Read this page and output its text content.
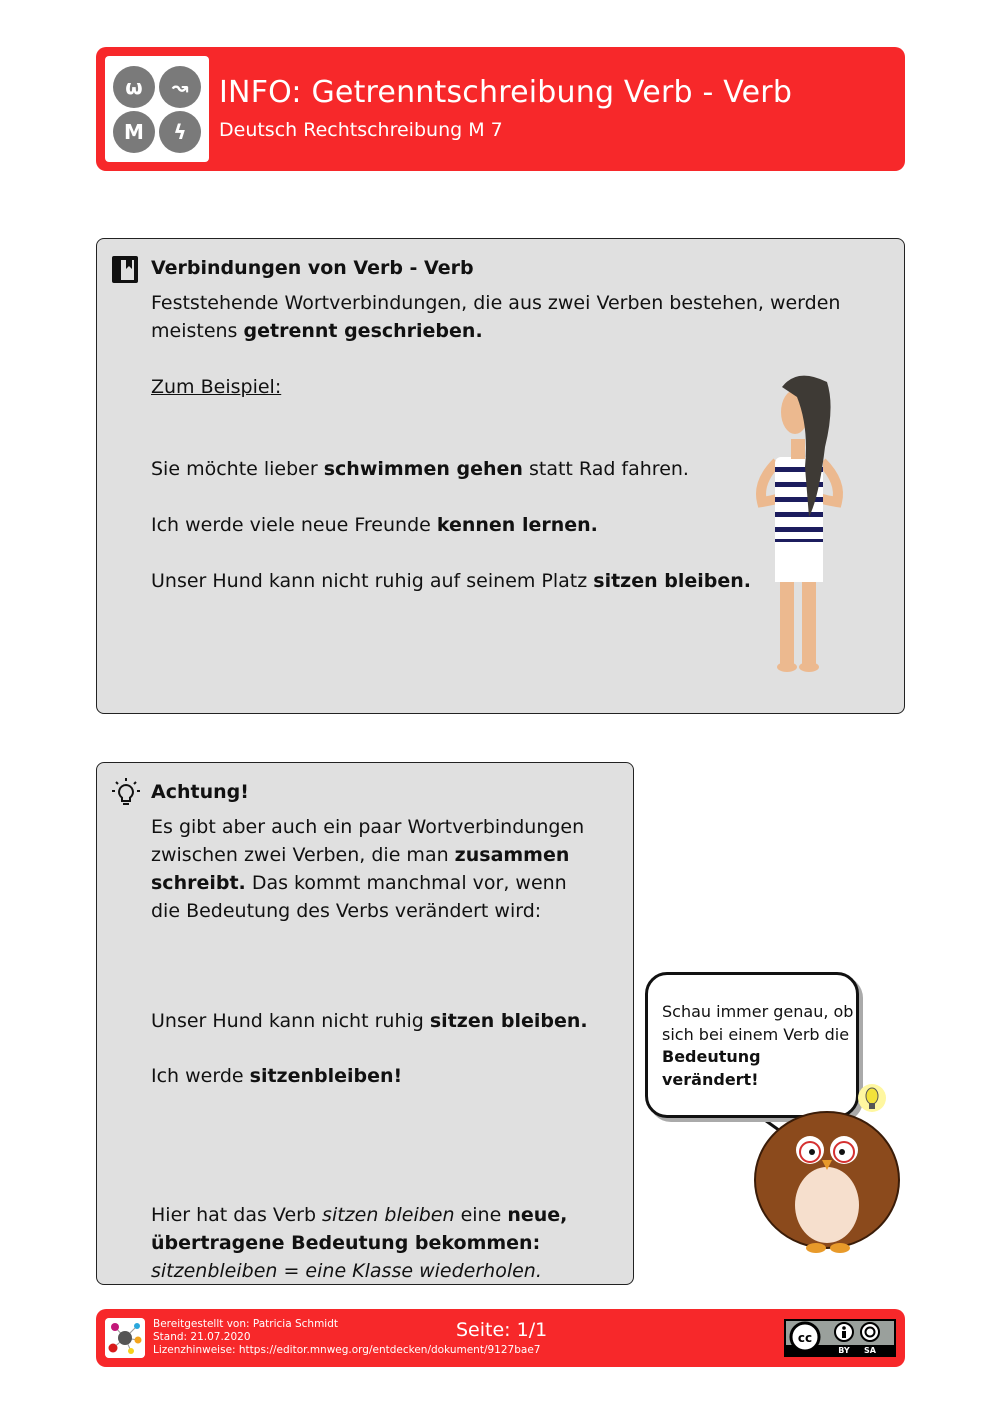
ω	↝
M	ϟ
INFO: Getrenntschreibung Verb - Verb
Deutsch Rechtschreibung M 7
Verbindungen von Verb - Verb

Feststehende Wortverbindungen, die aus zwei Verben bestehen, werden meistens getrennt geschrieben.

Zum Beispiel:
Sie möchte lieber schwimmen gehen statt Rad fahren.
Ich werde viele neue Freunde kennen lernen.
Unser Hund kann nicht ruhig auf seinem Platz sitzen bleiben.
Achtung!

Es gibt aber auch ein paar Wortverbindungen zwischen zwei Verben, die man zusammen schreibt. Das kommt manchmal vor, wenn die Bedeutung des Verbs verändert wird:

Unser Hund kann nicht ruhig sitzen bleiben.
Ich werde sitzenbleiben!

Hier hat das Verb sitzen bleiben eine neue, übertragene Bedeutung bekommen:
sitzenbleiben = eine Klasse wiederholen.

Schau immer genau, ob sich bei einem Verb die Bedeutung verändert!
Bereitgestellt von: Patricia Schmidt
Stand: 21.07.2020
Lizenzhinweise: https://editor.mnweg.org/entdecken/dokument/9127bae7
Seite: 1/1	cc
BY SA
